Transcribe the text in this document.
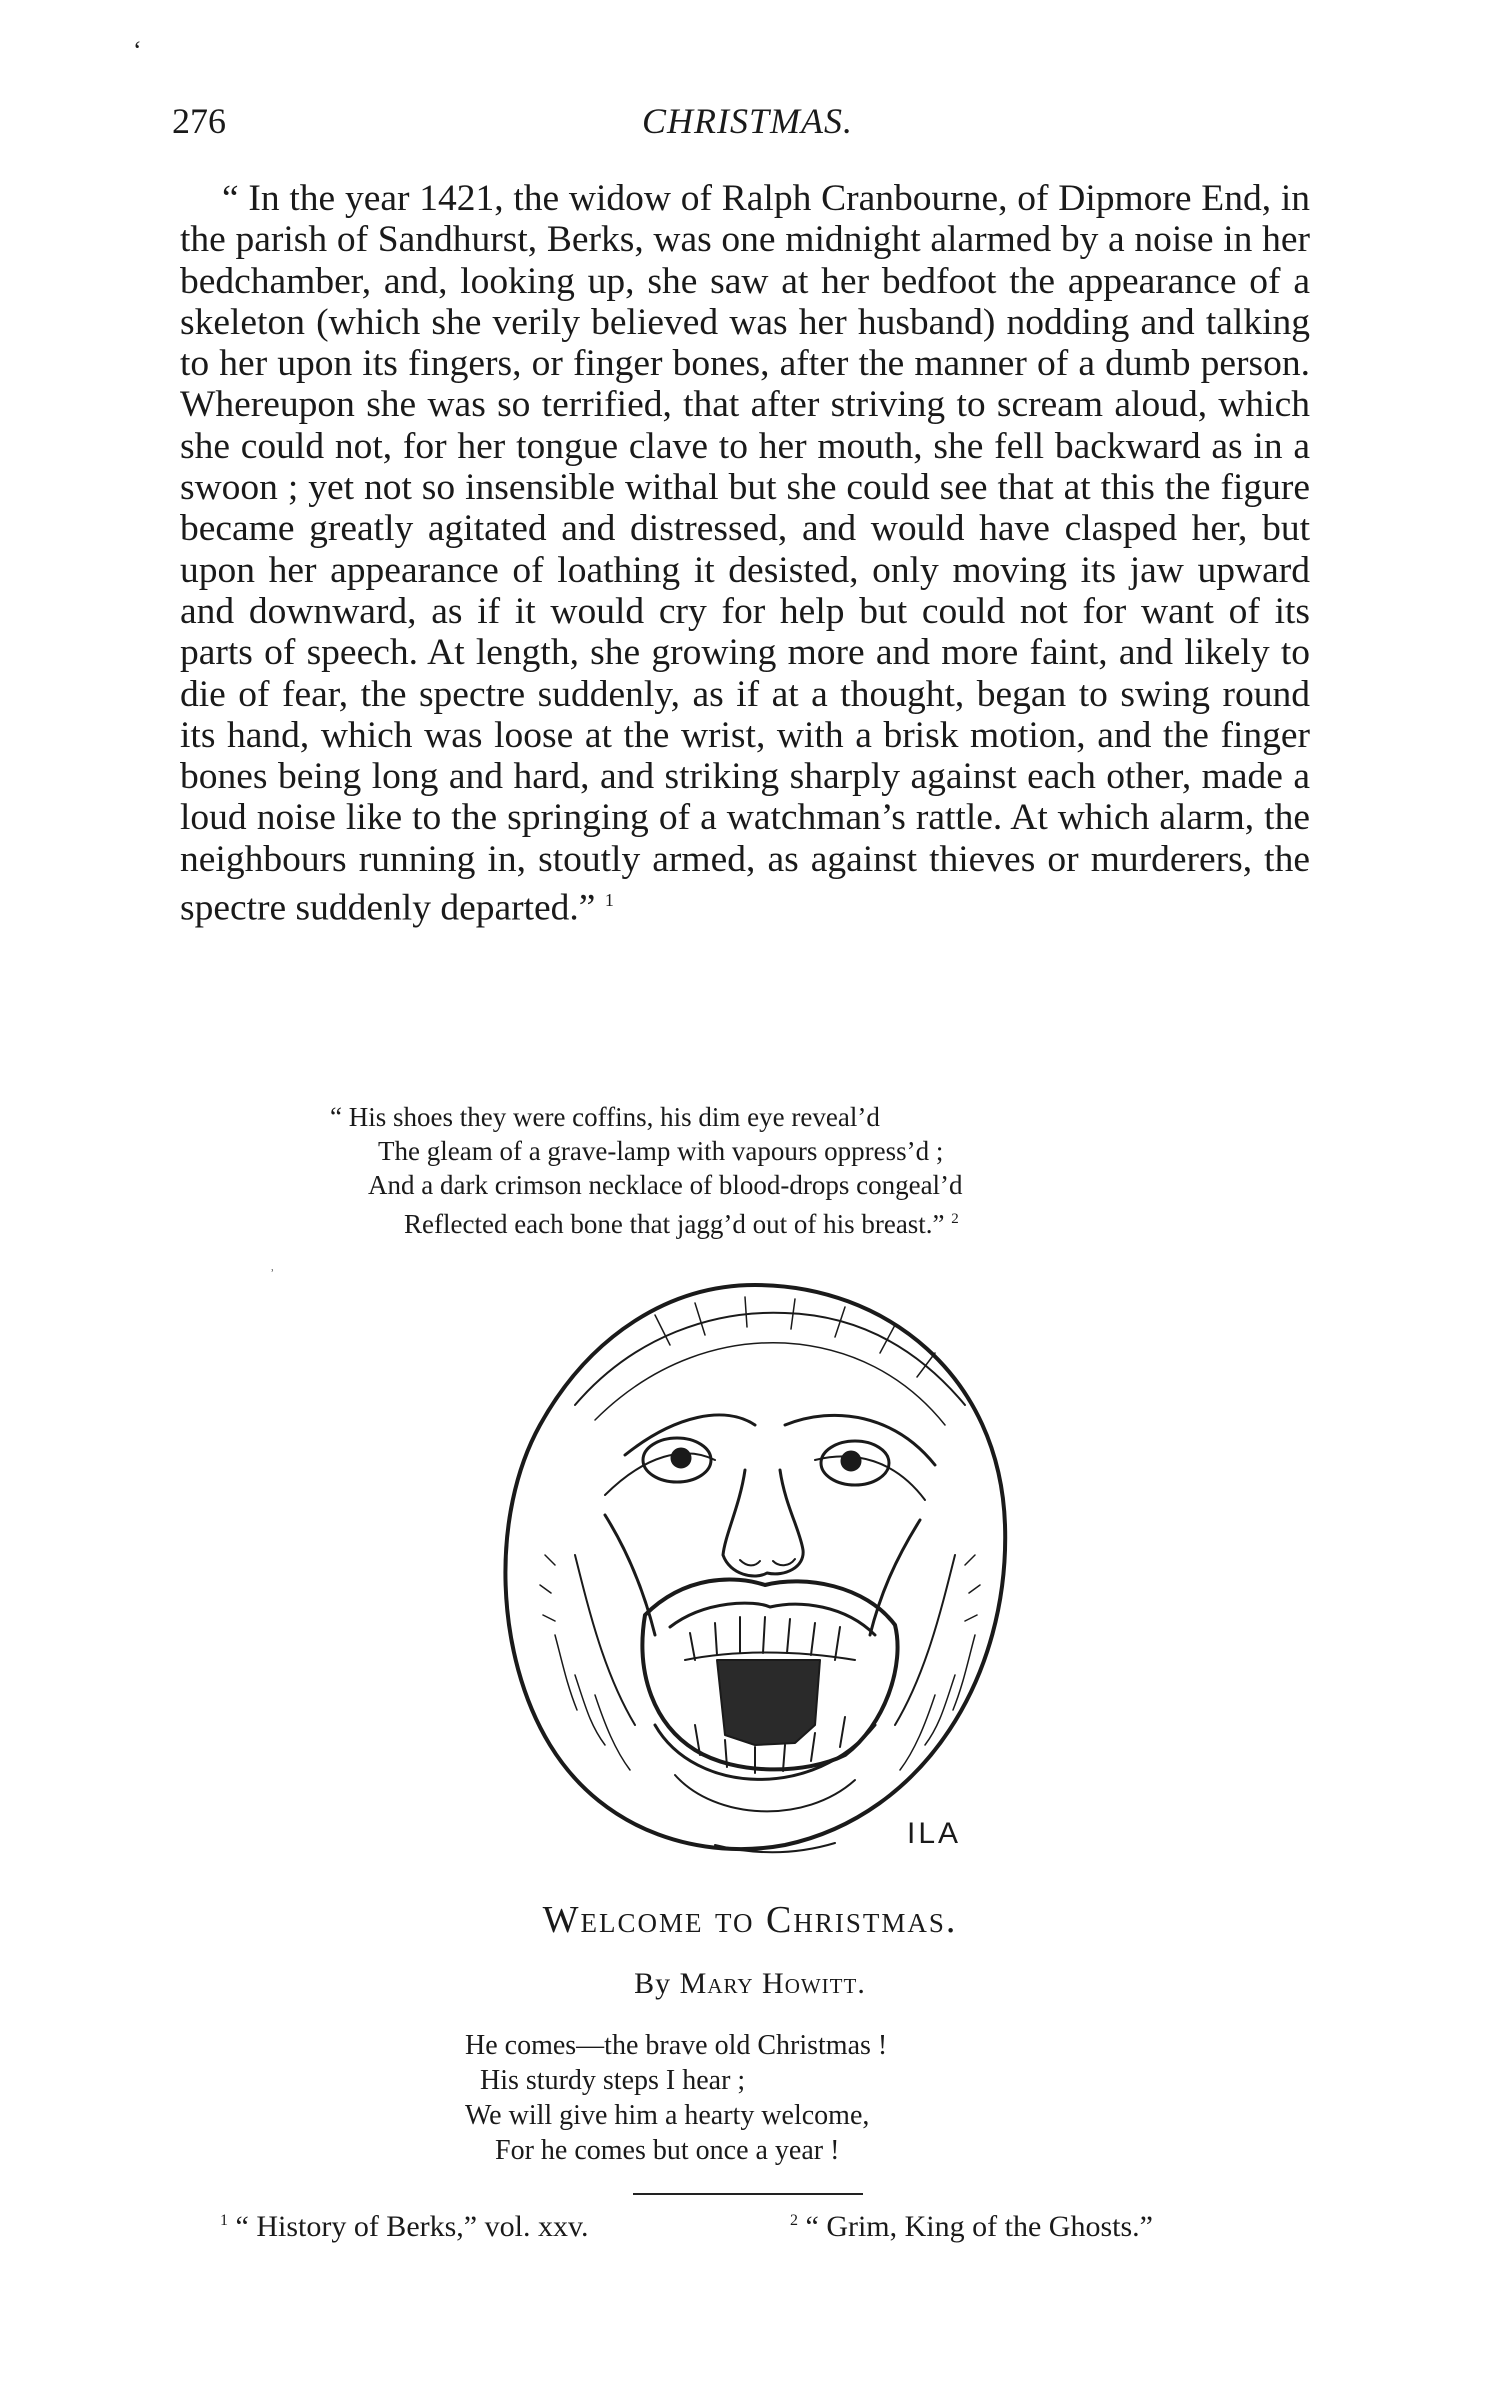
‘
276	CHRISTMAS.

“ In the year 1421, the widow of Ralph Cranbourne, of Dipmore End, in the parish of Sandhurst, Berks, was one midnight alarmed by a noise in her bedchamber, and, looking up, she saw at her bedfoot the appearance of a skeleton (which she verily believed was her husband) nodding and talking to her upon its fingers, or finger bones, after the manner of a dumb person. Whereupon she was so terrified, that after striving to scream aloud, which she could not, for her tongue clave to her mouth, she fell backward as in a swoon ; yet not so insensible withal but she could see that at this the figure became greatly agitated and distressed, and would have clasped her, but upon her appearance of loathing it desisted, only moving its jaw upward and downward, as if it would cry for help but could not for want of its parts of speech. At length, she growing more and more faint, and likely to die of fear, the spectre suddenly, as if at a thought, began to swing round its hand, which was loose at the wrist, with a brisk motion, and the finger bones being long and hard, and striking sharply against each other, made a loud noise like to the springing of a watchman’s rattle. At which alarm, the neighbours running in, stoutly armed, as against thieves or murderers, the spectre suddenly departed.” $^1$

“ His shoes they were coffins, his dim eye reveal’d
The gleam of a grave-lamp with vapours oppress’d ;
And a dark crimson necklace of blood-drops congeal’d
Reflected each bone that jagg’d out of his breast.” $^2$
ʾ
ILA
Welcome to Christmas.
By Mary Howitt.
He comes—the brave old Christmas !
His sturdy steps I hear ;
We will give him a hearty welcome,
For he comes but once a year !
$^1$ “ History of Berks,” vol. xxv.	$^2$ “ Grim, King of the Ghosts.”
